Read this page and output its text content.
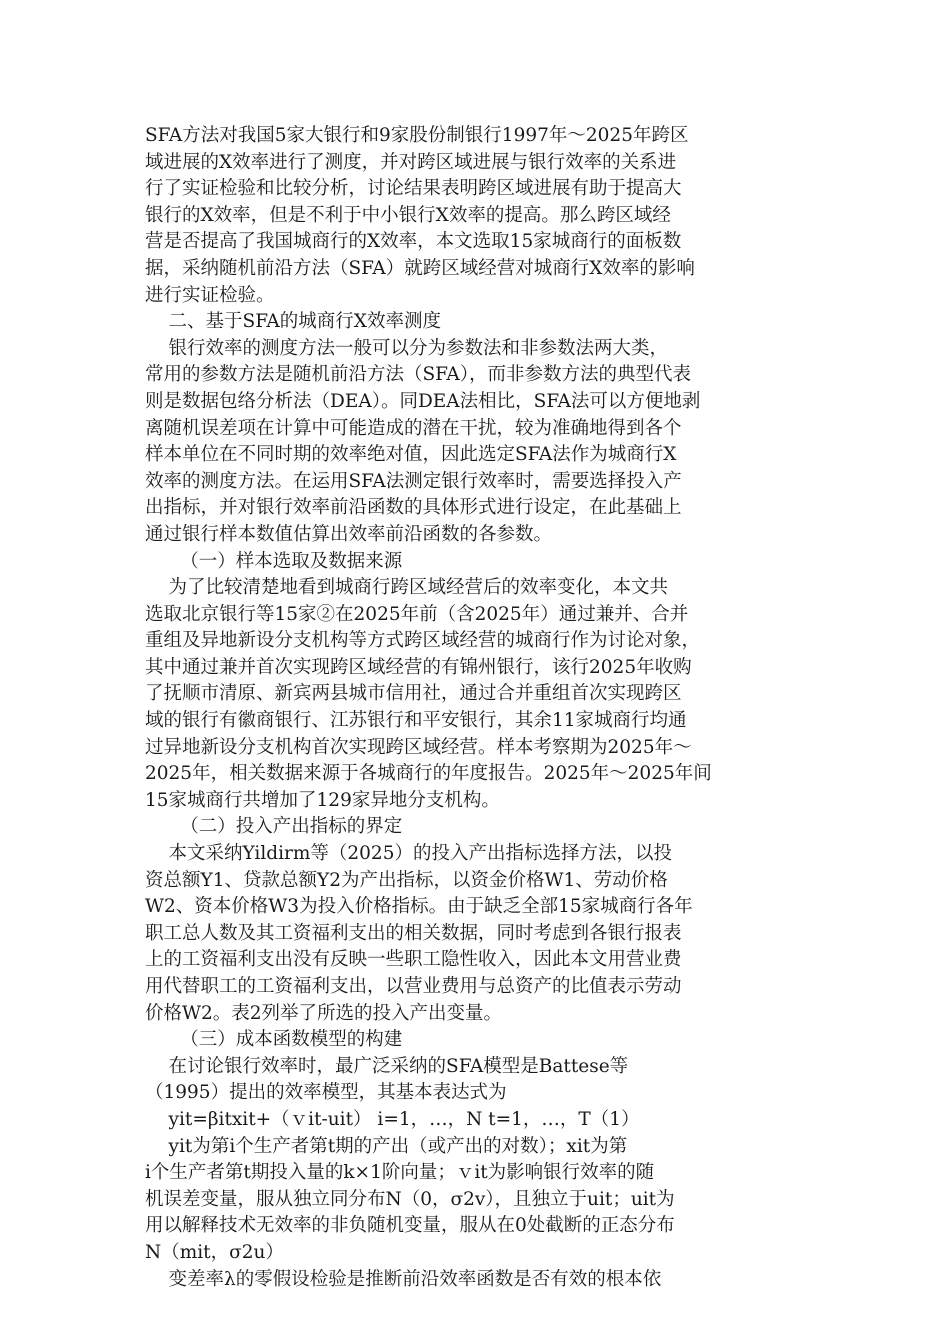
SFA方法对我国5家大银行和9家股份制银行1997年～2025年跨区
域进展的X效率进行了测度，并对跨区域进展与银行效率的关系进
行了实证检验和比较分析，讨论结果表明跨区域进展有助于提高大
银行的X效率，但是不利于中小银行X效率的提高。那么跨区域经
营是否提高了我国城商行的X效率，本文选取15家城商行的面板数
据，采纳随机前沿方法（SFA）就跨区域经营对城商行X效率的影响
进行实证检验。
二、基于SFA的城商行X效率测度
银行效率的测度方法一般可以分为参数法和非参数法两大类，
常用的参数方法是随机前沿方法（SFA），而非参数方法的典型代表
则是数据包络分析法（DEA）。同DEA法相比，SFA法可以方便地剥
离随机误差项在计算中可能造成的潜在干扰，较为准确地得到各个
样本单位在不同时期的效率绝对值，因此选定SFA法作为城商行X
效率的测度方法。在运用SFA法测定银行效率时，需要选择投入产
出指标，并对银行效率前沿函数的具体形式进行设定，在此基础上
通过银行样本数值估算出效率前沿函数的各参数。
（一）样本选取及数据来源
为了比较清楚地看到城商行跨区域经营后的效率变化，本文共
选取北京银行等15家②在2025年前（含2025年）通过兼并、合并
重组及异地新设分支机构等方式跨区域经营的城商行作为讨论对象，
其中通过兼并首次实现跨区域经营的有锦州银行，该行2025年收购
了抚顺市清原、新宾两县城市信用社，通过合并重组首次实现跨区
域的银行有徽商银行、江苏银行和平安银行，其余11家城商行均通
过异地新设分支机构首次实现跨区域经营。样本考察期为2025年～
2025年，相关数据来源于各城商行的年度报告。2025年～2025年间
15家城商行共增加了129家异地分支机构。
（二）投入产出指标的界定
本文采纳Yildirm等（2025）的投入产出指标选择方法，以投
资总额Y1、贷款总额Y2为产出指标，以资金价格W1、劳动价格
W2、资本价格W3为投入价格指标。由于缺乏全部15家城商行各年
职工总人数及其工资福利支出的相关数据，同时考虑到各银行报表
上的工资福利支出没有反映一些职工隐性收入，因此本文用营业费
用代替职工的工资福利支出，以营业费用与总资产的比值表示劳动
价格W2。表2列举了所选的投入产出变量。
（三）成本函数模型的构建
在讨论银行效率时，最广泛采纳的SFA模型是Battese等
（1995）提出的效率模型，其基本表达式为
yit=βitxit+（ｖit-uit） i=1，…，N t=1，…，T（1）
yit为第i个生产者第t期的产出（或产出的对数）；xit为第
i个生产者第t期投入量的k×1阶向量；ｖit为影响银行效率的随
机误差变量，服从独立同分布N（0，σ2v），且独立于uit；uit为
用以解释技术无效率的非负随机变量，服从在0处截断的正态分布
N（mit，σ2u）
变差率λ的零假设检验是推断前沿效率函数是否有效的根本依
